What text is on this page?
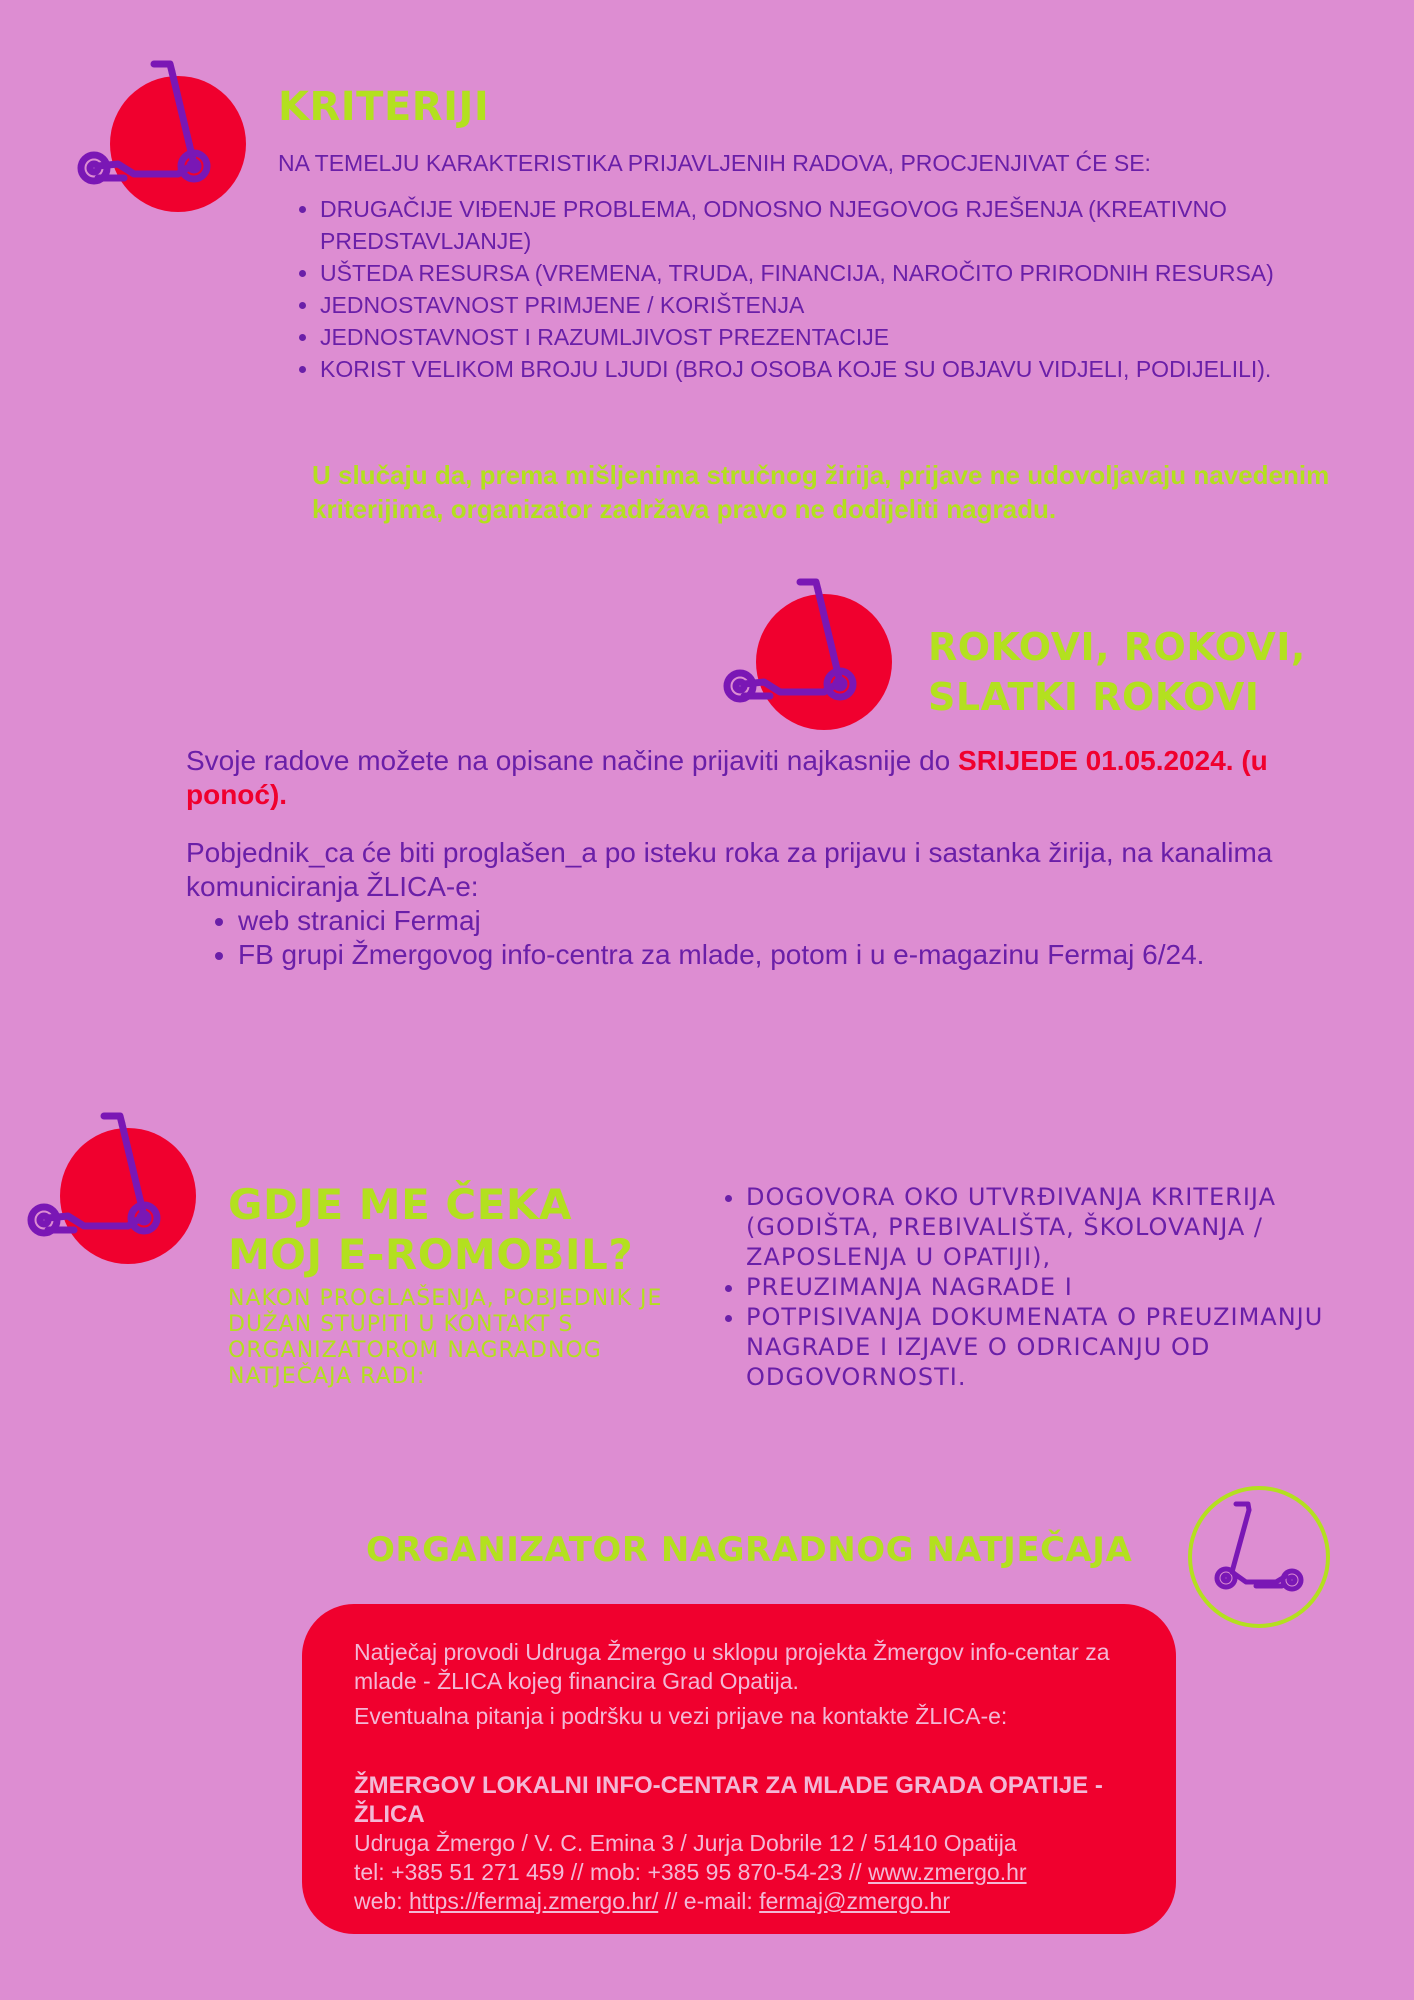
KRITERIJI
NA TEMELJU KARAKTERISTIKA PRIJAVLJENIH RADOVA, PROCJENJIVAT ĆE SE:
• DRUGAČIJE VIĐENJE PROBLEMA, ODNOSNO NJEGOVOG RJEŠENJA (KREATIVNO PREDSTAVLJANJE)
• UŠTEDA RESURSA (VREMENA, TRUDA, FINANCIJA, NAROČITO PRIRODNIH RESURSA)
• JEDNOSTAVNOST PRIMJENE / KORIŠTENJA
• JEDNOSTAVNOST I RAZUMLJIVOST PREZENTACIJE
• KORIST VELIKOM BROJU LJUDI (BROJ OSOBA KOJE SU OBJAVU VIDJELI, PODIJELILI).
U slučaju da, prema mišljenima stručnog žirija, prijave ne udovoljavaju navedenim kriterijima, organizator zadržava pravo ne dodijeliti nagradu.
ROKOVI, ROKOVI,
SLATKI ROKOVI
Svoje radove možete na opisane načine prijaviti najkasnije do SRIJEDE 01.05.2024. (u ponoć).
Pobjednik_ca će biti proglašen_a po isteku roka za prijavu i sastanka žirija, na kanalima komuniciranja ŽLICA-e:
• web stranici Fermaj
• FB grupi Žmergovog info-centra za mlade, potom i u e-magazinu Fermaj 6/24.
GDJE ME ČEKA
MOJ E-ROMOBIL?
NAKON PROGLAŠENJA, POBJEDNIK JE DUŽAN STUPITI U KONTAKT S ORGANIZATOROM NAGRADNOG NATJEČAJA RADI:
• DOGOVORA OKO UTVRĐIVANJA KRITERIJA (GODIŠTA, PREBIVALIŠTA, ŠKOLOVANJA / ZAPOSLENJA U OPATIJI),
• PREUZIMANJA NAGRADE I
• POTPISIVANJA DOKUMENATA O PREUZIMANJU NAGRADE I IZJAVE O ODRICANJU OD ODGOVORNOSTI.
ORGANIZATOR NAGRADNOG NATJEČAJA

Natječaj provodi Udruga Žmergo u sklopu projekta Žmergov info-centar za mlade - ŽLICA kojeg financira Grad Opatija.

Eventualna pitanja i podršku u vezi prijave na kontakte ŽLICA-e:

ŽMERGOV LOKALNI INFO-CENTAR ZA MLADE GRADA OPATIJE - ŽLICA

Udruga Žmergo / V. C. Emina 3 / Jurja Dobrile 12 / 51410 Opatija

tel: +385 51 271 459 // mob: +385 95 870-54-23 // www.zmergo.hr

web: https://fermaj.zmergo.hr/ // e-mail: fermaj@zmergo.hr
